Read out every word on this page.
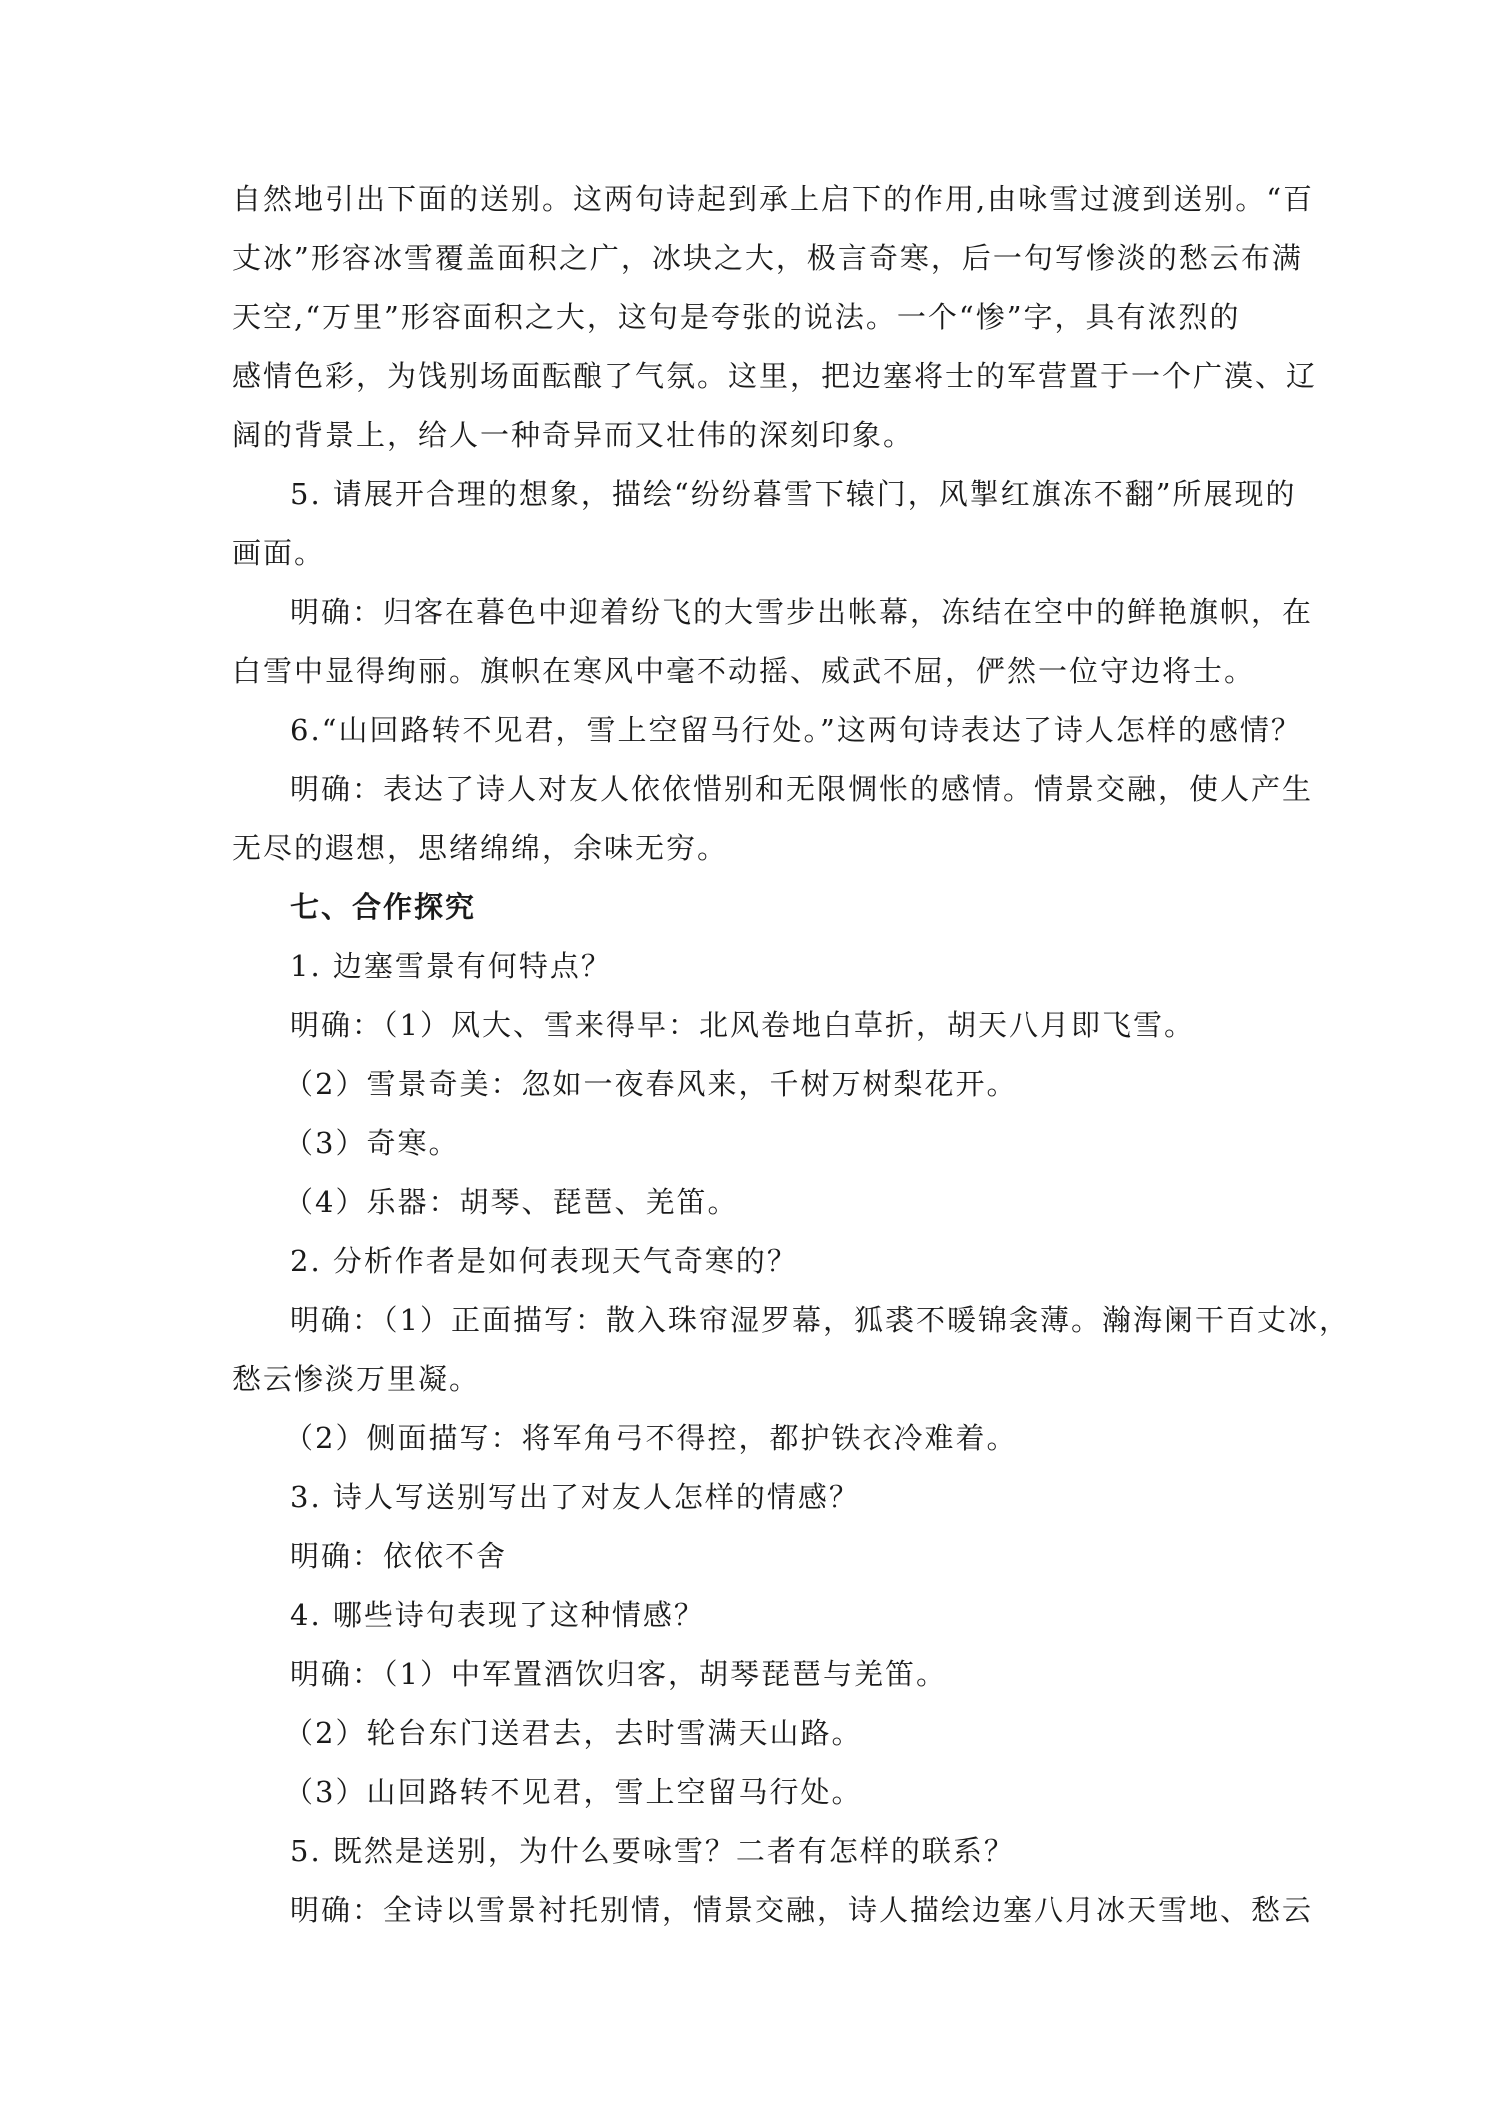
自然地引出下面的送别。这两句诗起到承上启下的作用,由咏雪过渡到送别。“百
丈冰”形容冰雪覆盖面积之广，冰块之大，极言奇寒，后一句写惨淡的愁云布满
天空,“万里”形容面积之大，这句是夸张的说法。一个“惨”字，具有浓烈的
感情色彩，为饯别场面酝酿了气氛。这里，把边塞将士的军营置于一个广漠、辽
阔的背景上，给人一种奇异而又壮伟的深刻印象。
5. 请展开合理的想象，描绘“纷纷暮雪下辕门，风掣红旗冻不翻”所展现的
画面。
明确：归客在暮色中迎着纷飞的大雪步出帐幕，冻结在空中的鲜艳旗帜，在
白雪中显得绚丽。旗帜在寒风中毫不动摇、威武不屈，俨然一位守边将士。
6.“山回路转不见君，雪上空留马行处。”这两句诗表达了诗人怎样的感情？
明确：表达了诗人对友人依依惜别和无限惆怅的感情。情景交融，使人产生
无尽的遐想，思绪绵绵，余味无穷。
七、合作探究
1. 边塞雪景有何特点？
明确：（1）风大、雪来得早：北风卷地白草折，胡天八月即飞雪。
（2）雪景奇美：忽如一夜春风来，千树万树梨花开。
（3）奇寒。
（4）乐器：胡琴、琵琶、羌笛。
2. 分析作者是如何表现天气奇寒的？
明确：（1）正面描写：散入珠帘湿罗幕，狐裘不暖锦衾薄。瀚海阑干百丈冰，
愁云惨淡万里凝。
（2）侧面描写：将军角弓不得控，都护铁衣冷难着。
3. 诗人写送别写出了对友人怎样的情感？
明确：依依不舍
4. 哪些诗句表现了这种情感？
明确：（1）中军置酒饮归客，胡琴琵琶与羌笛。
（2）轮台东门送君去，去时雪满天山路。
（3）山回路转不见君，雪上空留马行处。
5. 既然是送别，为什么要咏雪？二者有怎样的联系？
明确：全诗以雪景衬托别情，情景交融，诗人描绘边塞八月冰天雪地、愁云
